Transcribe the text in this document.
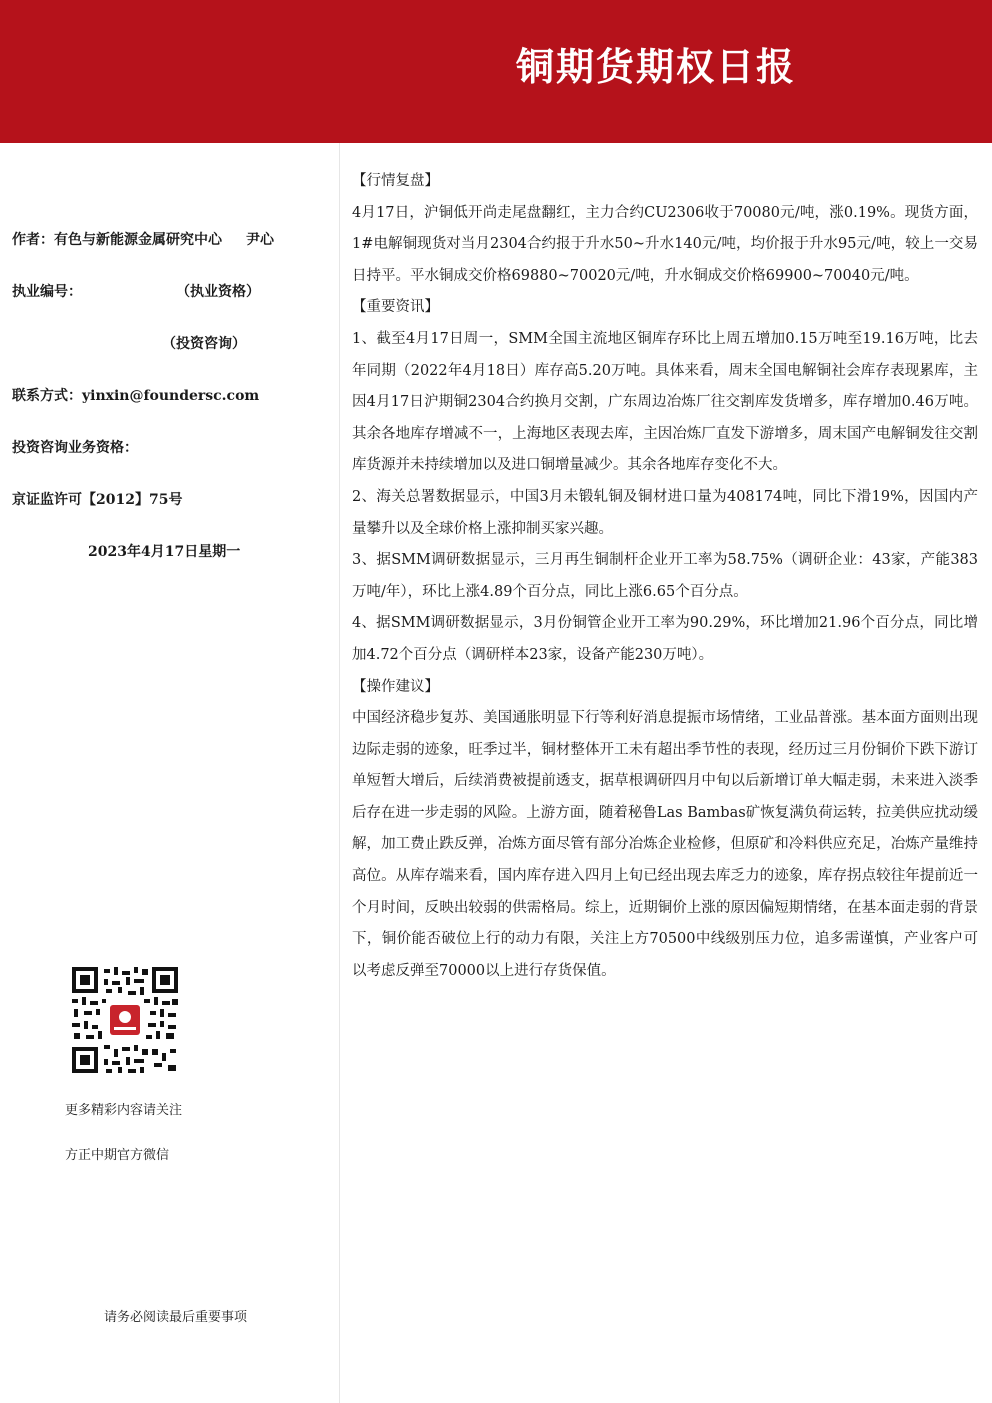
铜期货期权日报
作者：有色与新能源金属研究中心 尹心
执业编号：	（执业资格）
（投资咨询）
联系方式：yinxin@foundersc.com
投资咨询业务资格：
京证监许可【2012】75号
2023年4月17日星期一
更多精彩内容请关注
方正中期官方微信
请务必阅读最后重要事项
【行情复盘】
4月17日，沪铜低开尚走尾盘翻红，主力合约CU2306收于70080元/吨，涨0.19%。现货方面，1#电解铜现货对当月2304合约报于升水50~升水140元/吨，均价报于升水95元/吨，较上一交易日持平。平水铜成交价格69880~70020元/吨，升水铜成交价格69900~70040元/吨。
【重要资讯】
1、截至4月17日周一，SMM全国主流地区铜库存环比上周五增加0.15万吨至19.16万吨，比去年同期（2022年4月18日）库存高5.20万吨。具体来看，周末全国电解铜社会库存表现累库，主因4月17日沪期铜2304合约换月交割，广东周边冶炼厂往交割库发货增多，库存增加0.46万吨。其余各地库存增减不一，上海地区表现去库，主因冶炼厂直发下游增多，周末国产电解铜发往交割库货源并未持续增加以及进口铜增量减少。其余各地库存变化不大。
2、海关总署数据显示，中国3月未锻轧铜及铜材进口量为408174吨，同比下滑19%，因国内产量攀升以及全球价格上涨抑制买家兴趣。
3、据SMM调研数据显示，三月再生铜制杆企业开工率为58.75%（调研企业：43家，产能383万吨/年），环比上涨4.89个百分点，同比上涨6.65个百分点。
4、据SMM调研数据显示，3月份铜管企业开工率为90.29%，环比增加21.96个百分点，同比增加4.72个百分点（调研样本23家，设备产能230万吨）。
【操作建议】
中国经济稳步复苏、美国通胀明显下行等利好消息提振市场情绪，工业品普涨。基本面方面则出现边际走弱的迹象，旺季过半，铜材整体开工未有超出季节性的表现，经历过三月份铜价下跌下游订单短暂大增后，后续消费被提前透支，据草根调研四月中旬以后新增订单大幅走弱，未来进入淡季后存在进一步走弱的风险。上游方面，随着秘鲁Las Bambas矿恢复满负荷运转，拉美供应扰动缓解，加工费止跌反弹，冶炼方面尽管有部分冶炼企业检修，但原矿和冷料供应充足，冶炼产量维持高位。从库存端来看，国内库存进入四月上旬已经出现去库乏力的迹象，库存拐点较往年提前近一个月时间，反映出较弱的供需格局。综上，近期铜价上涨的原因偏短期情绪，在基本面走弱的背景下，铜价能否破位上行的动力有限，关注上方70500中线级别压力位，追多需谨慎，产业客户可以考虑反弹至70000以上进行存货保值。
